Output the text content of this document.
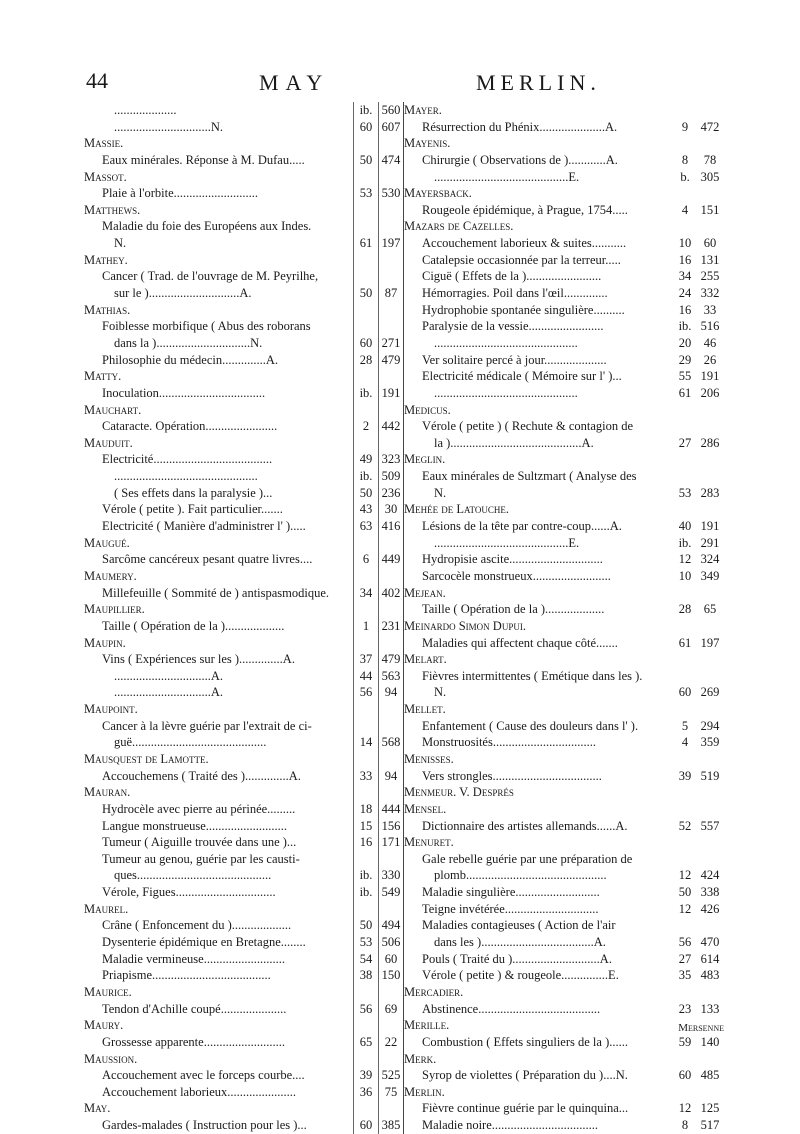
44	MAY	MERLIN.
....................	ib. 560
...............................N.	60 607
Massie.
Eaux minérales. Réponse à M. Dufau.....	50 474
Massot.
Plaie à l'orbite...........................	53 530
Matthews.
Maladie du foie des Européens aux Indes.
N.	61 197
Mathey.
Cancer ( Trad. de l'ouvrage de M. Peyrilhe,
sur le ).............................A.	50	87
Mathias.
Foiblesse morbifique ( Abus des roborans
dans la )..............................N.	60 271
Philosophie du médecin..............A.	28 479
Matty.
Inoculation..................................	ib. 191
Mauchart.
Cataracte. Opération.......................	2	442
Mauduit.
Electricité......................................	49 323
..............................................	ib. 509
( Ses effets dans la paralysie )...	50 236
Vérole ( petite ). Fait particulier.......	43	30
Electricité ( Manière d'administrer l' ).....	63 416
Maugué.
Sarcôme cancéreux pesant quatre livres....	6	449
Maumery.
Millefeuille ( Sommité de ) antispasmodique.	34 402
Maupillier.
Taille ( Opération de la )...................	1	231
Maupin.
Vins ( Expériences sur les )..............A.	37 479
...............................A.	44 563
...............................A.	56	94
Maupoint.
Cancer à la lèvre guérie par l'extrait de ci-
guë...........................................	14 568
Mausquest de Lamotte.
Accouchemens ( Traité des )..............A.	33	94
Mauran.
Hydrocèle avec pierre au périnée.........	18 444
Langue monstrueuse..........................	15 156
Tumeur ( Aiguille trouvée dans une )...	16 171
Tumeur au genou, guérie par les causti-
ques...........................................	ib. 330
Vérole, Figues................................	ib. 549
Maurel.
Crâne ( Enfoncement du )...................	50 494
Dysenterie épidémique en Bretagne........	53 506
Maladie vermineuse..........................	54	60
Priapisme......................................	38 150
Maurice.
Tendon d'Achille coupé.....................	56	69
Maury.
Grossesse apparente..........................	65	22
Maussion.
Accouchement avec le forceps courbe....	39 525
Accouchement laborieux......................	36	75
May.
Gardes-malades ( Instruction pour les )...	60 385
Mayer.
Résurrection du Phénix.....................A.	9	472
Mayenis.
Chirurgie ( Observations de )............A.	8	78
...........................................E.	b. 305
Mayersback.
Rougeole épidémique, à Prague, 1754.....	4	151
Mazars de Cazelles.
Accouchement laborieux & suites...........	10	60
Catalepsie occasionnée par la terreur.....	16 131
Ciguë ( Effets de la )........................	34 255
Hémorragies. Poil dans l'œil..............	24 332
Hydrophobie spontanée singulière..........	16	33
Paralysie de la vessie........................	ib. 516
..............................................	20	46
Ver solitaire percé à jour....................	29	26
Electricité médicale ( Mémoire sur l' )...	55 191
..............................................	61 206
Medicus.
Vérole ( petite ) ( Rechute & contagion de
la )..........................................A.	27 286
Meglin.
Eaux minérales de Sultzmart ( Analyse des
N.	53 283
Mehée de Latouche.
Lésions de la tête par contre-coup......A.	40 191
...........................................E.	ib. 291
Hydropisie ascite..............................	12 324
Sarcocèle monstrueux.........................	10 349
Mejean.
Taille ( Opération de la )...................	28	65
Meinardo Simon Dupui.
Maladies qui affectent chaque côté.......	61 197
Melart.
Fièvres intermittentes ( Emétique dans les ).
N.	60 269
Mellet.
Enfantement ( Cause des douleurs dans l' ).	5	294
Monstruosités.................................	4	359
Menisses.
Vers strongles...................................	39 519
Menmeur. V. Després
Mensel.
Dictionnaire des artistes allemands......A.	52 557
Menuret.
Gale rebelle guérie par une préparation de
plomb.............................................	12 424
Maladie singulière...........................	50 338
Teigne invétérée..............................	12 426
Maladies contagieuses ( Action de l'air
dans les )....................................A.	56 470
Pouls ( Traité du )............................A.	27 614
Vérole ( petite ) & rougeole...............E.	35 483
Mercadier.
Abstinence.......................................	23 133
Merille.
Combustion ( Effets singuliers de la )......	59 140
Merk.
Syrop de violettes ( Préparation du )....N.	60 485
Merlin.
Fièvre continue guérie par le quinquina...	12 125
Maladie noire..................................	8	517
Mersenne
